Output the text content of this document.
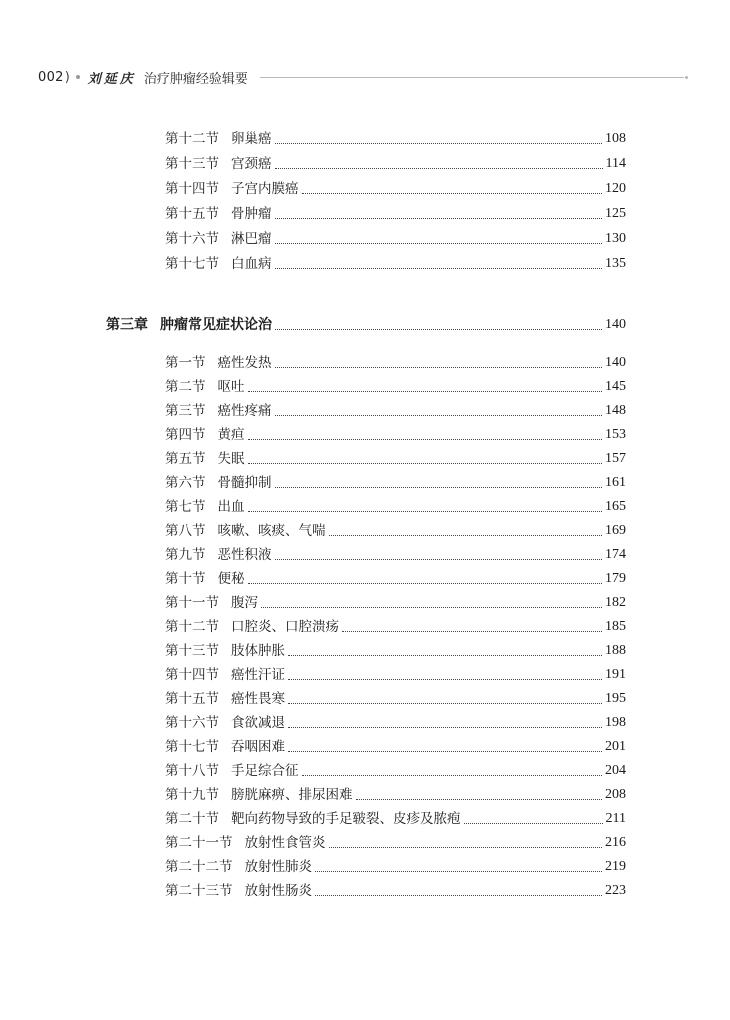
002 ) 刘延庆 治疗肿瘤经验辑要
第十二节 卵巢癌	108
第十三节 宫颈癌	114
第十四节 子宫内膜癌	120
第十五节 骨肿瘤	125
第十六节 淋巴瘤	130
第十七节 白血病	135
第三章 肿瘤常见症状论治	140
第一节 癌性发热	140
第二节 呕吐	145
第三节 癌性疼痛	148
第四节 黄疸	153
第五节 失眠	157
第六节 骨髓抑制	161
第七节 出血	165
第八节 咳嗽、咳痰、气喘	169
第九节 恶性积液	174
第十节 便秘	179
第十一节 腹泻	182
第十二节 口腔炎、口腔溃疡	185
第十三节 肢体肿胀	188
第十四节 癌性汗证	191
第十五节 癌性畏寒	195
第十六节 食欲减退	198
第十七节 吞咽困难	201
第十八节 手足综合征	204
第十九节 膀胱麻痹、排尿困难	208
第二十节 靶向药物导致的手足皲裂、皮疹及脓疱	211
第二十一节 放射性食管炎	216
第二十二节 放射性肺炎	219
第二十三节 放射性肠炎	223
